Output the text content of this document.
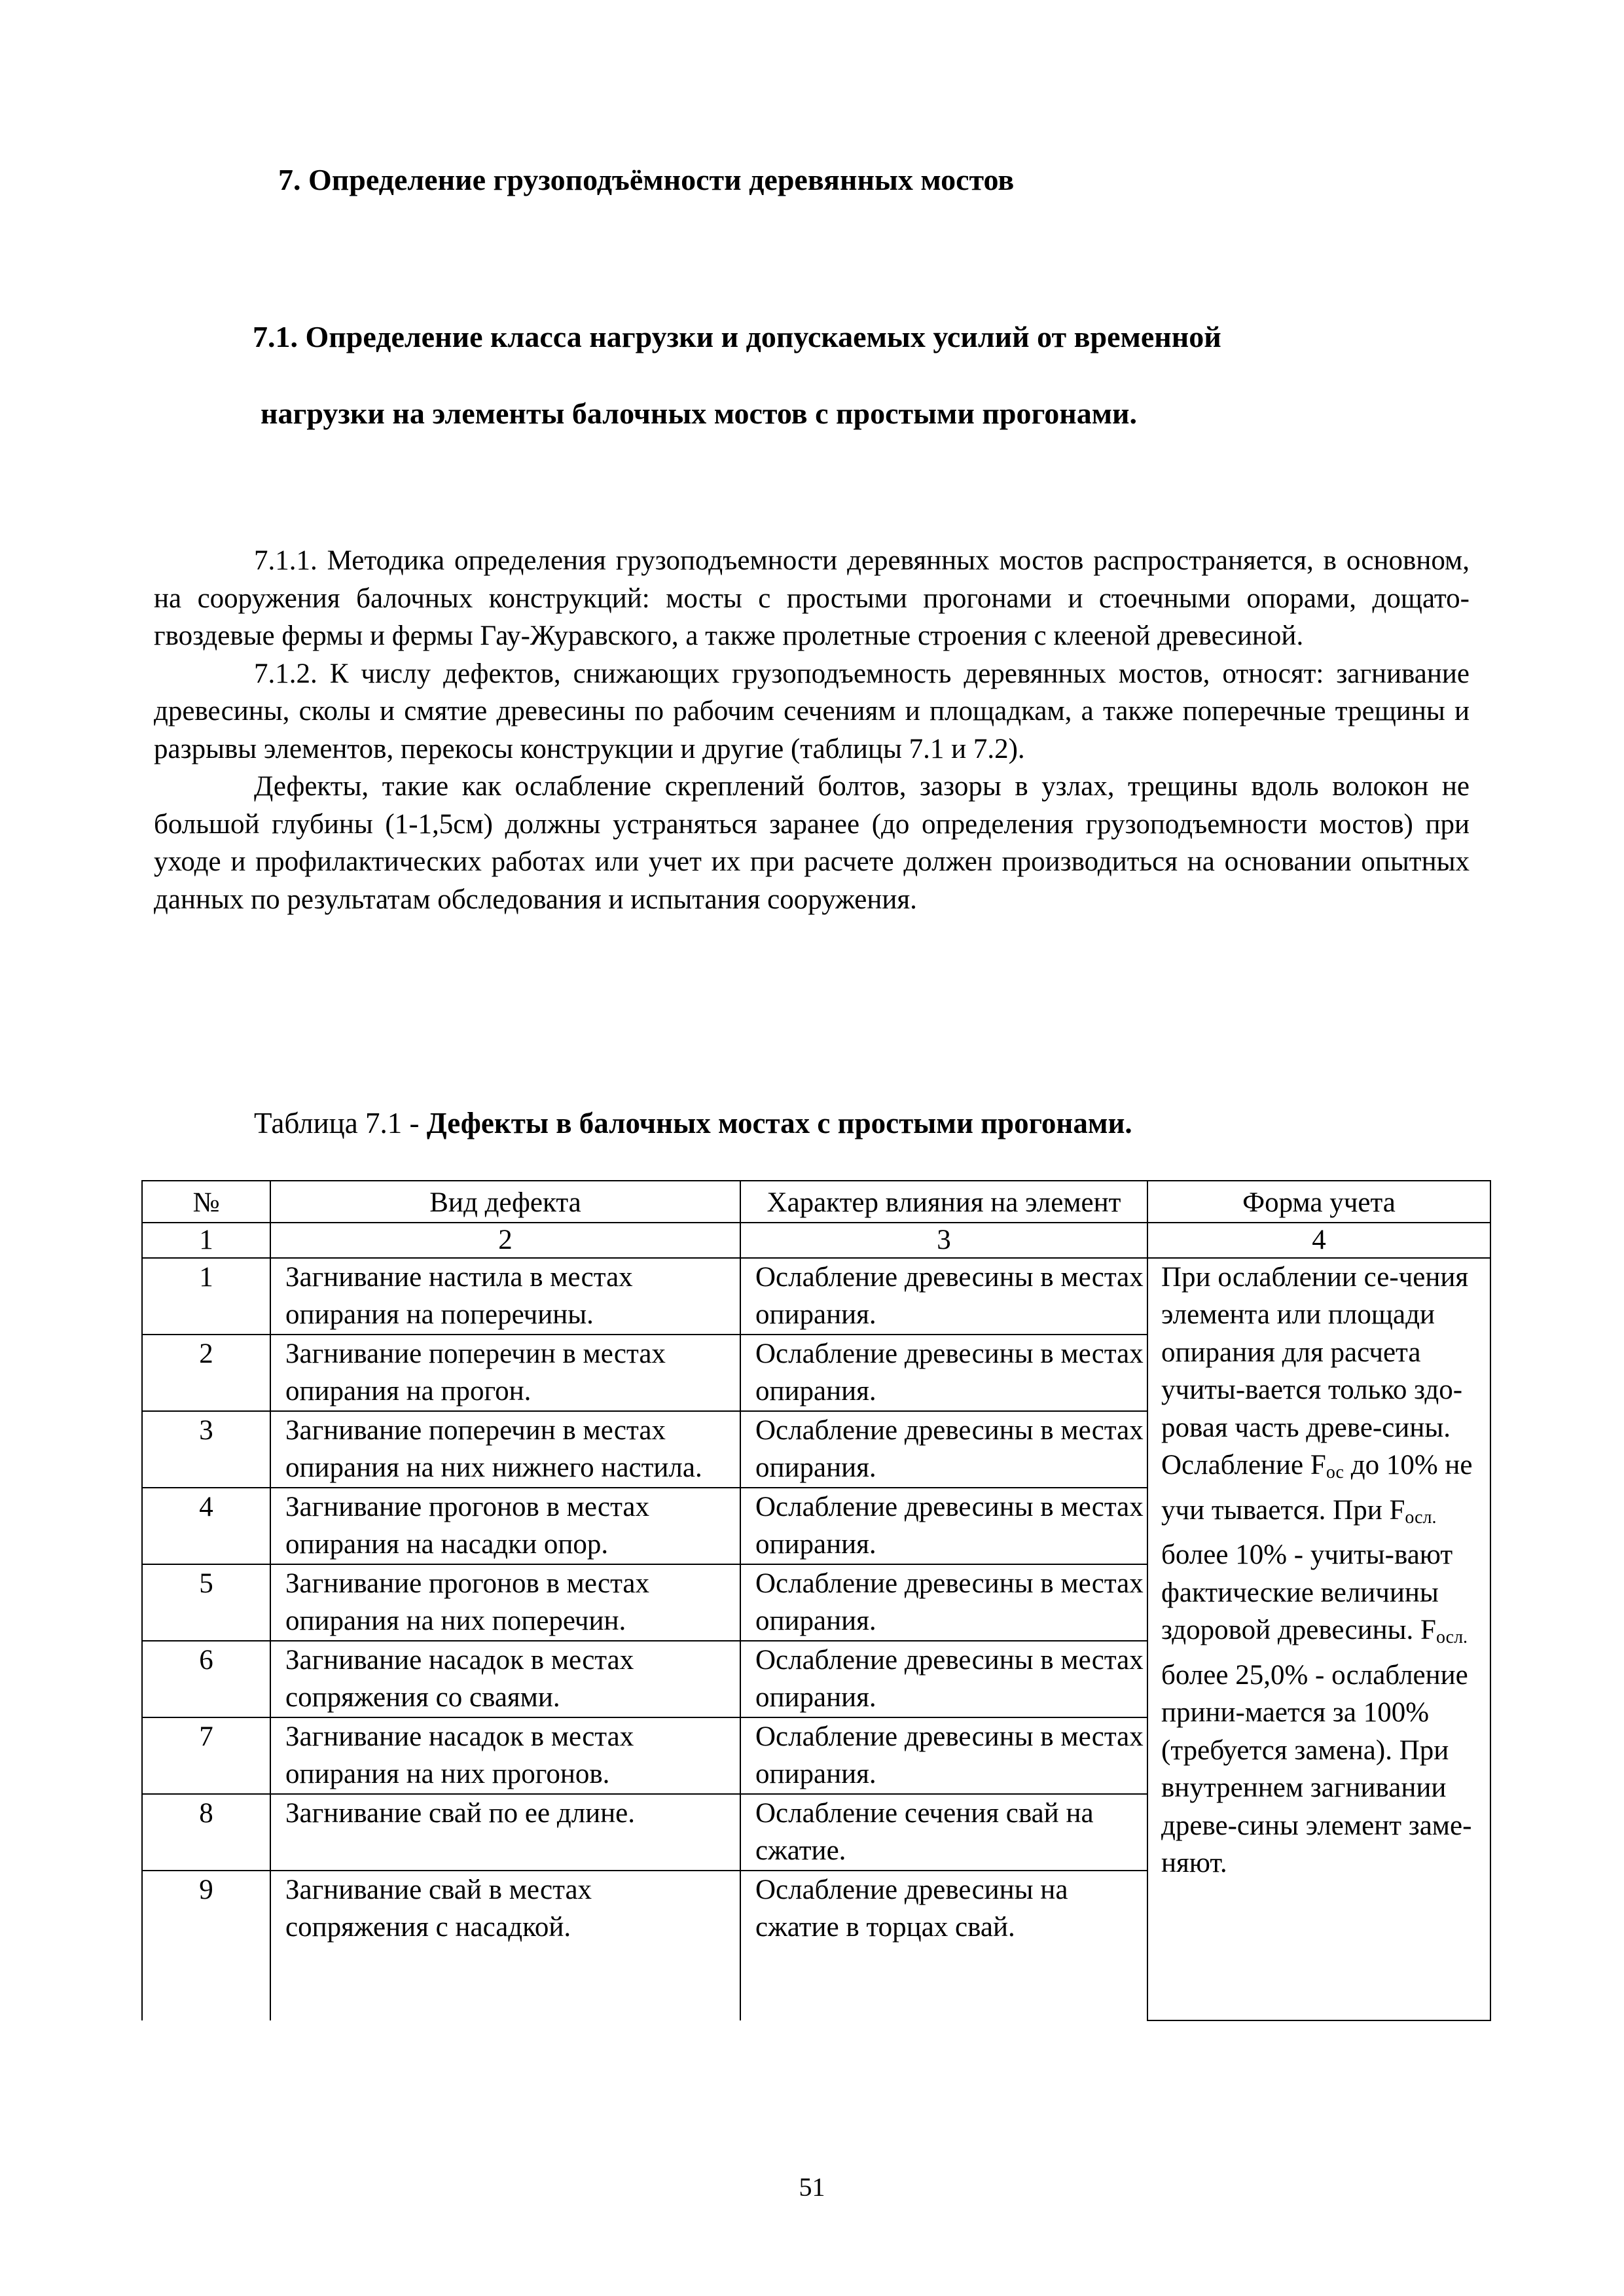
7. Определение грузоподъёмности деревянных мостов
7.1. Определение класса нагрузки и допускаемых усилий от временной
нагрузки на элементы балочных мостов с простыми прогонами.

7.1.1. Методика определения грузоподъемности деревянных мостов распространяется, в основном, на сооружения балочных конструкций: мосты с простыми прогонами и стоечными опорами, дощато-гвоздевые фермы и фермы Гау-Журавского, а также пролетные строения с клееной древесиной.

7.1.2. К числу дефектов, снижающих грузоподъемность деревянных мостов, относят: загнивание древесины, сколы и смятие древесины по рабочим сечениям и площадкам, а также поперечные трещины и разрывы элементов, перекосы конструкции и другие (таблицы 7.1 и 7.2).

Дефекты, такие как ослабление скреплений болтов, зазоры в узлах, трещины вдоль волокон не большой глубины (1-1,5см) должны устраняться заранее (до определения грузоподъемности мостов) при уходе и профилактических работах или учет их при расчете должен производиться на основании опытных данных по результатам обследования и испытания сооружения.

Таблица 7.1 - Дефекты в балочных мостах с простыми прогонами.
№	Вид дефекта	Характер влияния на элемент	Форма учета
1	2	3	4
1	Загнивание настила в местах опирания на поперечины.	Ослабление древесины в местах опирания.	При ослаблении се-чения элемента или площади опирания для расчета учиты-вается только здо-ровая часть древе-сины. Ослабление $F_{ос}$ до 10% не учи тывается. При $F_{осл.}$ более 10% - учиты-вают фактические величины здоровой древесины. $F_{осл.}$ более 25,0% - ослабление прини-мается за 100% (требуется замена). При внутреннем загнивании древе-сины элемент заме-няют.
2	Загнивание поперечин в местах опирания на прогон.	Ослабление древесины в местах опирания.	
3	Загнивание поперечин в местах опирания на них нижнего настила.	Ослабление древесины в местах опирания.	
4	Загнивание прогонов в местах опирания на насадки опор.	Ослабление древесины в местах опирания.	
5	Загнивание прогонов в местах опирания на них поперечин.	Ослабление древесины в местах опирания.	
6	Загнивание насадок в местах сопряжения со сваями.	Ослабление древесины в местах опирания.	
7	Загнивание насадок в местах опирания на них прогонов.	Ослабление древесины в местах опирания.	
8	Загнивание свай по ее длине.	Ослабление сечения свай на сжатие.	
9	Загнивание свай в местах сопряжения с насадкой.	Ослабление древесины на сжатие в торцах свай.	
51
